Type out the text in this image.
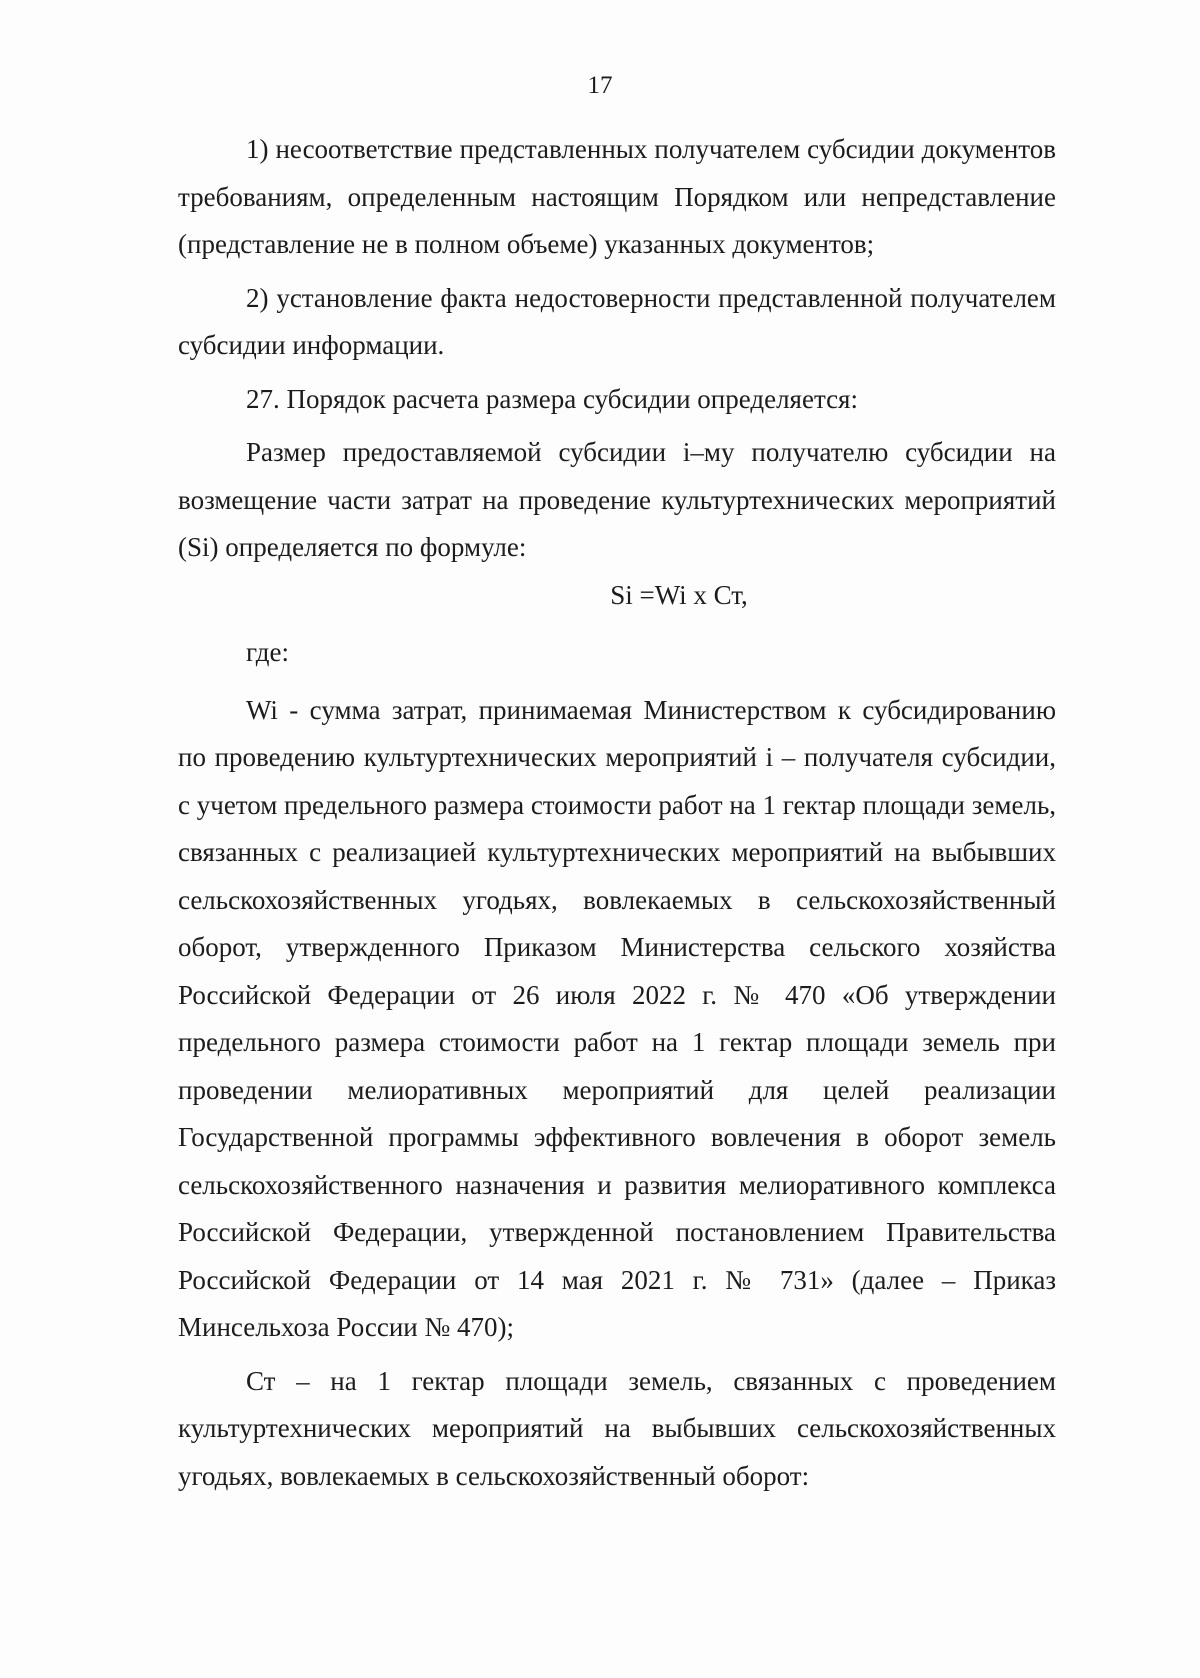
17

1) несоответствие представленных получателем субсидии документов требованиям, определенным настоящим Порядком или непредставление (представление не в полном объеме) указанных документов;

2) установление факта недостоверности представленной получателем субсидии информации.

27. Порядок расчета размера субсидии определяется:

Размер предоставляемой субсидии i–му получателю субсидии на возмещение части затрат на проведение культуртехнических мероприятий (Si) определяется по формуле:

Si =Wi x Ст,

где:

Wi - сумма затрат, принимаемая Министерством к субсидированию по проведению культуртехнических мероприятий i – получателя субсидии, с учетом предельного размера стоимости работ на 1 гектар площади земель, связанных с реализацией культуртехнических мероприятий на выбывших сельскохозяйственных угодьях, вовлекаемых в сельскохозяйственный оборот, утвержденного Приказом Министерства сельского хозяйства Российской Федерации от 26 июля 2022 г. № 470 «Об утверждении предельного размера стоимости работ на 1 гектар площади земель при проведении мелиоративных мероприятий для целей реализации Государственной программы эффективного вовлечения в оборот земель сельскохозяйственного назначения и развития мелиоративного комплекса Российской Федерации, утвержденной постановлением Правительства Российской Федерации от 14 мая 2021 г. № 731» (далее – Приказ Минсельхоза России № 470);

Ст – на 1 гектар площади земель, связанных с проведением культуртехнических мероприятий на выбывших сельскохозяйственных угодьях, вовлекаемых в сельскохозяйственный оборот:
